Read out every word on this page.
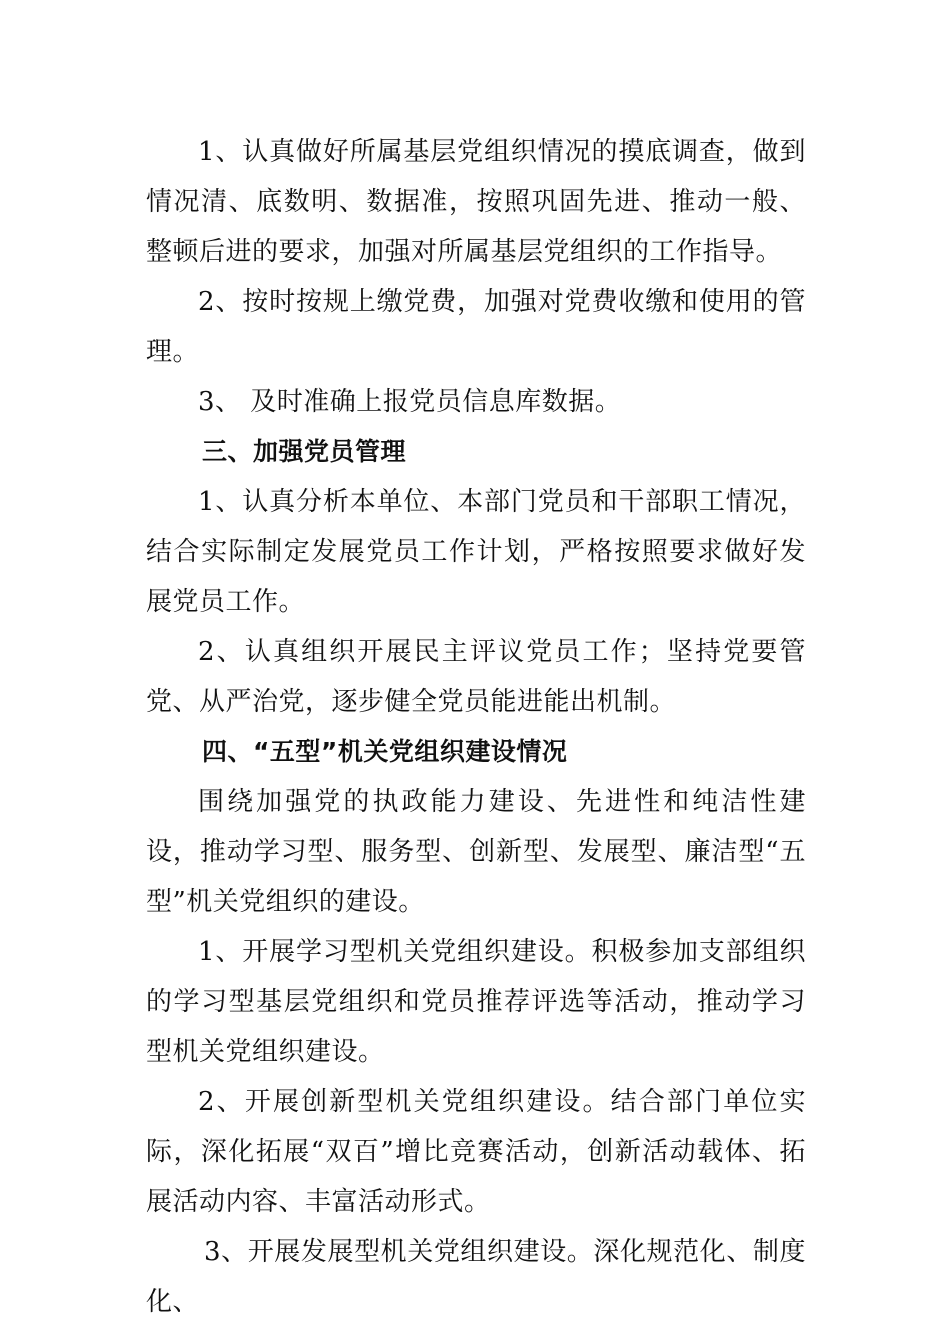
1、认真做好所属基层党组织情况的摸底调查，做到情况清、底数明、数据准，按照巩固先进、推动一般、整顿后进的要求，加强对所属基层党组织的工作指导。

2、按时按规上缴党费，加强对党费收缴和使用的管理。

3、 及时准确上报党员信息库数据。

三、加强党员管理

1、认真分析本单位、本部门党员和干部职工情况，结合实际制定发展党员工作计划，严格按照要求做好发展党员工作。

2、认真组织开展民主评议党员工作；坚持党要管党、从严治党，逐步健全党员能进能出机制。

四、“五型”机关党组织建设情况

围绕加强党的执政能力建设、先进性和纯洁性建设，推动学习型、服务型、创新型、发展型、廉洁型“五型”机关党组织的建设。

1、开展学习型机关党组织建设。积极参加支部组织的学习型基层党组织和党员推荐评选等活动，推动学习型机关党组织建设。

2、开展创新型机关党组织建设。结合部门单位实际，深化拓展“双百”增比竞赛活动，创新活动载体、拓展活动内容、丰富活动形式。

3、开展发展型机关党组织建设。深化规范化、制度化、
